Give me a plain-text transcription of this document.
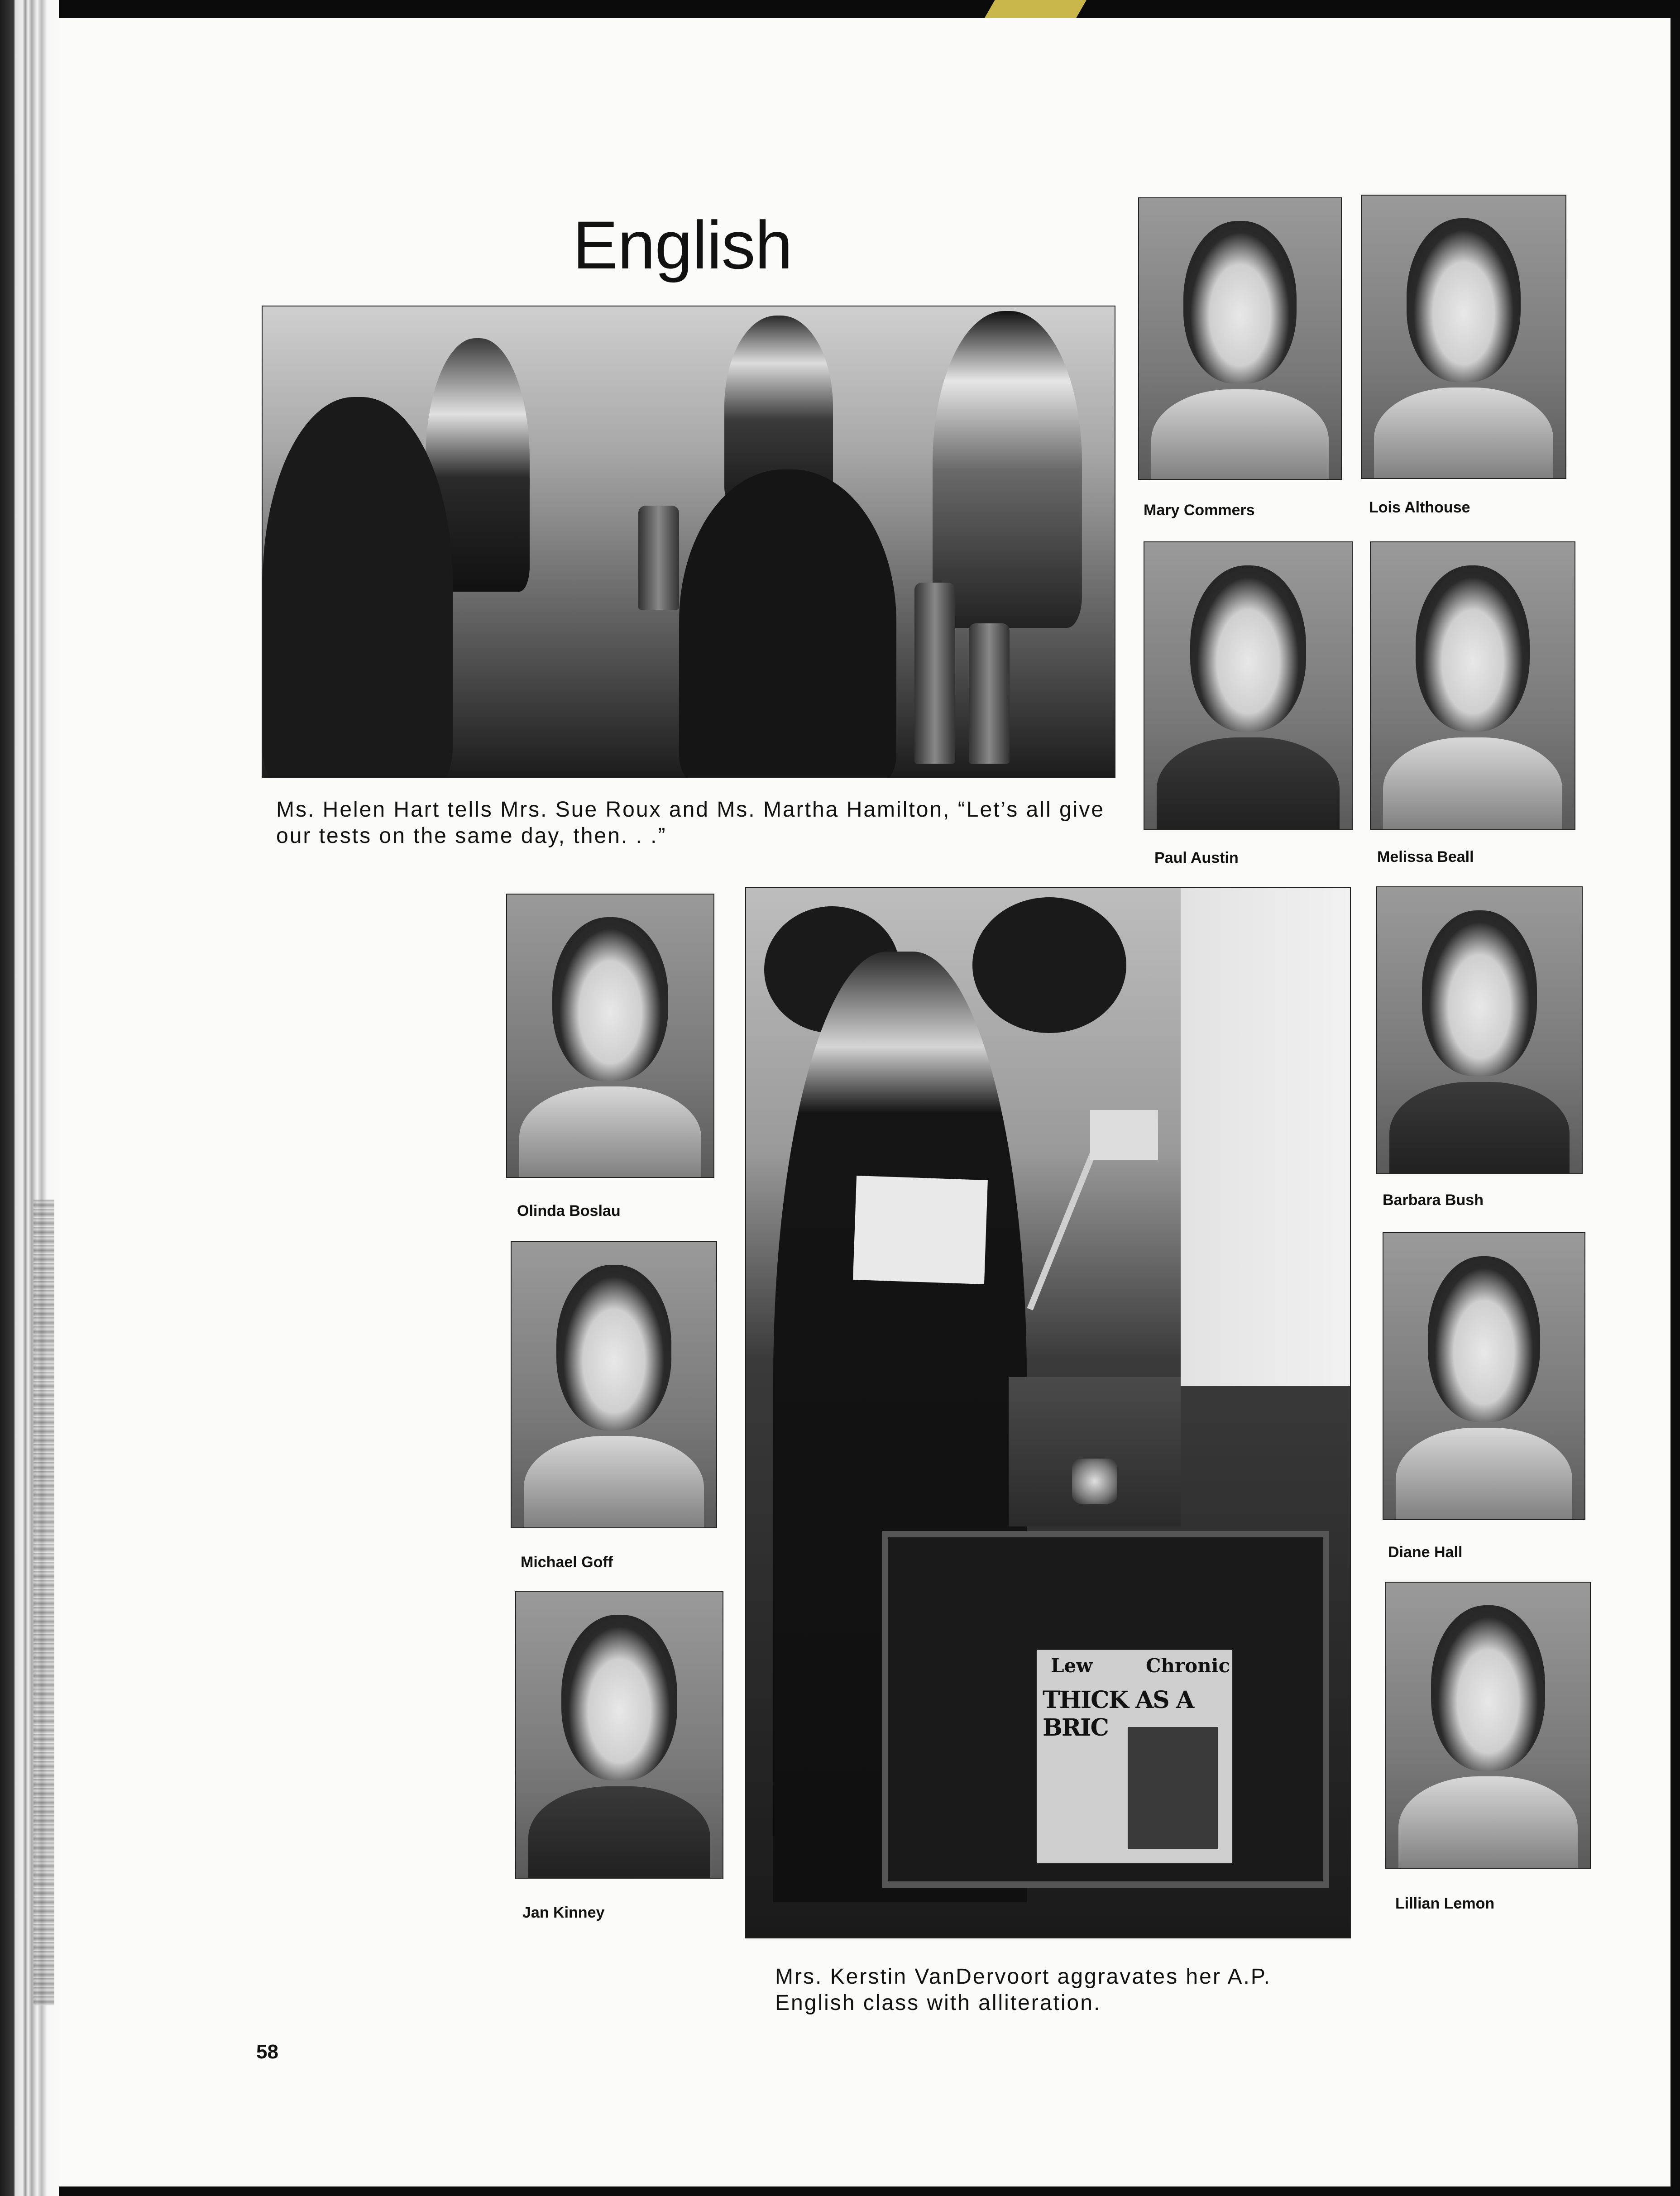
English

Ms. Helen Hart tells Mrs. Sue Roux and Ms. Martha Hamilton, “Let’s all give
our tests on the same day, then. . .”

Mary Commers	Lois Althouse

Paul Austin	Melissa Beall

Olinda Boslau

Michael Goff

Jan Kinney

Lew	Chronic
THICK AS A BRIC

Mrs. Kerstin VanDervoort aggravates her A.P.
English class with alliteration.

Barbara Bush

Diane Hall

Lillian Lemon

58
